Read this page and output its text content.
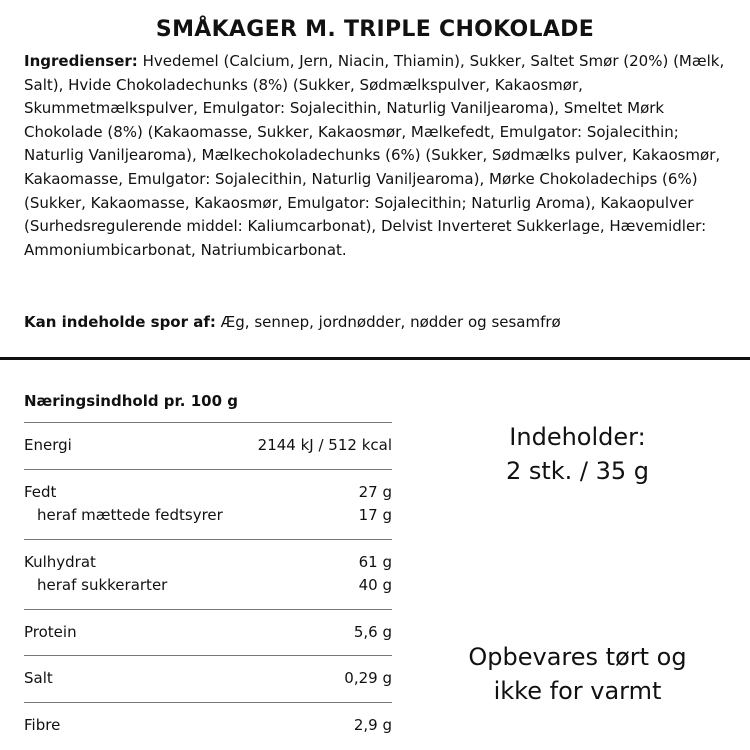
SMÅKAGER M. TRIPLE CHOKOLADE

Ingredienser: Hvedemel (Calcium, Jern, Niacin, Thiamin), Sukker, Saltet Smør (20%) (Mælk, Salt), Hvide Chokoladechunks (8%) (Sukker, Sødmælkspulver, Kakaosmør, Skummetmælkspulver, Emulgator: Sojalecithin, Naturlig Vaniljearoma), Smeltet Mørk Chokolade (8%) (Kakaomasse, Sukker, Kakaosmør, Mælkefedt, Emulgator: Sojalecithin; Naturlig Vaniljearoma), Mælkechokoladechunks (6%) (Sukker, Sødmælks pulver, Kakaosmør, Kakaomasse, Emulgator: Sojalecithin, Naturlig Vaniljearoma), Mørke Chokoladechips (6%) (Sukker, Kakaomasse, Kakaosmør, Emulgator: Sojalecithin; Naturlig Aroma), Kakaopulver (Surhedsregulerende middel: Kaliumcarbonat), Delvist Inverteret Sukkerlage, Hævemidler: Ammoniumbicarbonat, Natriumbicarbonat.

Kan indeholde spor af: Æg, sennep, jordnødder, nødder og sesamfrø

Næringsindhold pr. 100 g
Energi	2144 kJ / 512 kcal
Fedt	27 g
heraf mættede fedtsyrer	17 g
Kulhydrat	61 g
heraf sukkerarter	40 g
Protein	5,6 g
Salt	0,29 g
Fibre	2,9 g
Indeholder:
2 stk. / 35 g
Opbevares tørt og
ikke for varmt
